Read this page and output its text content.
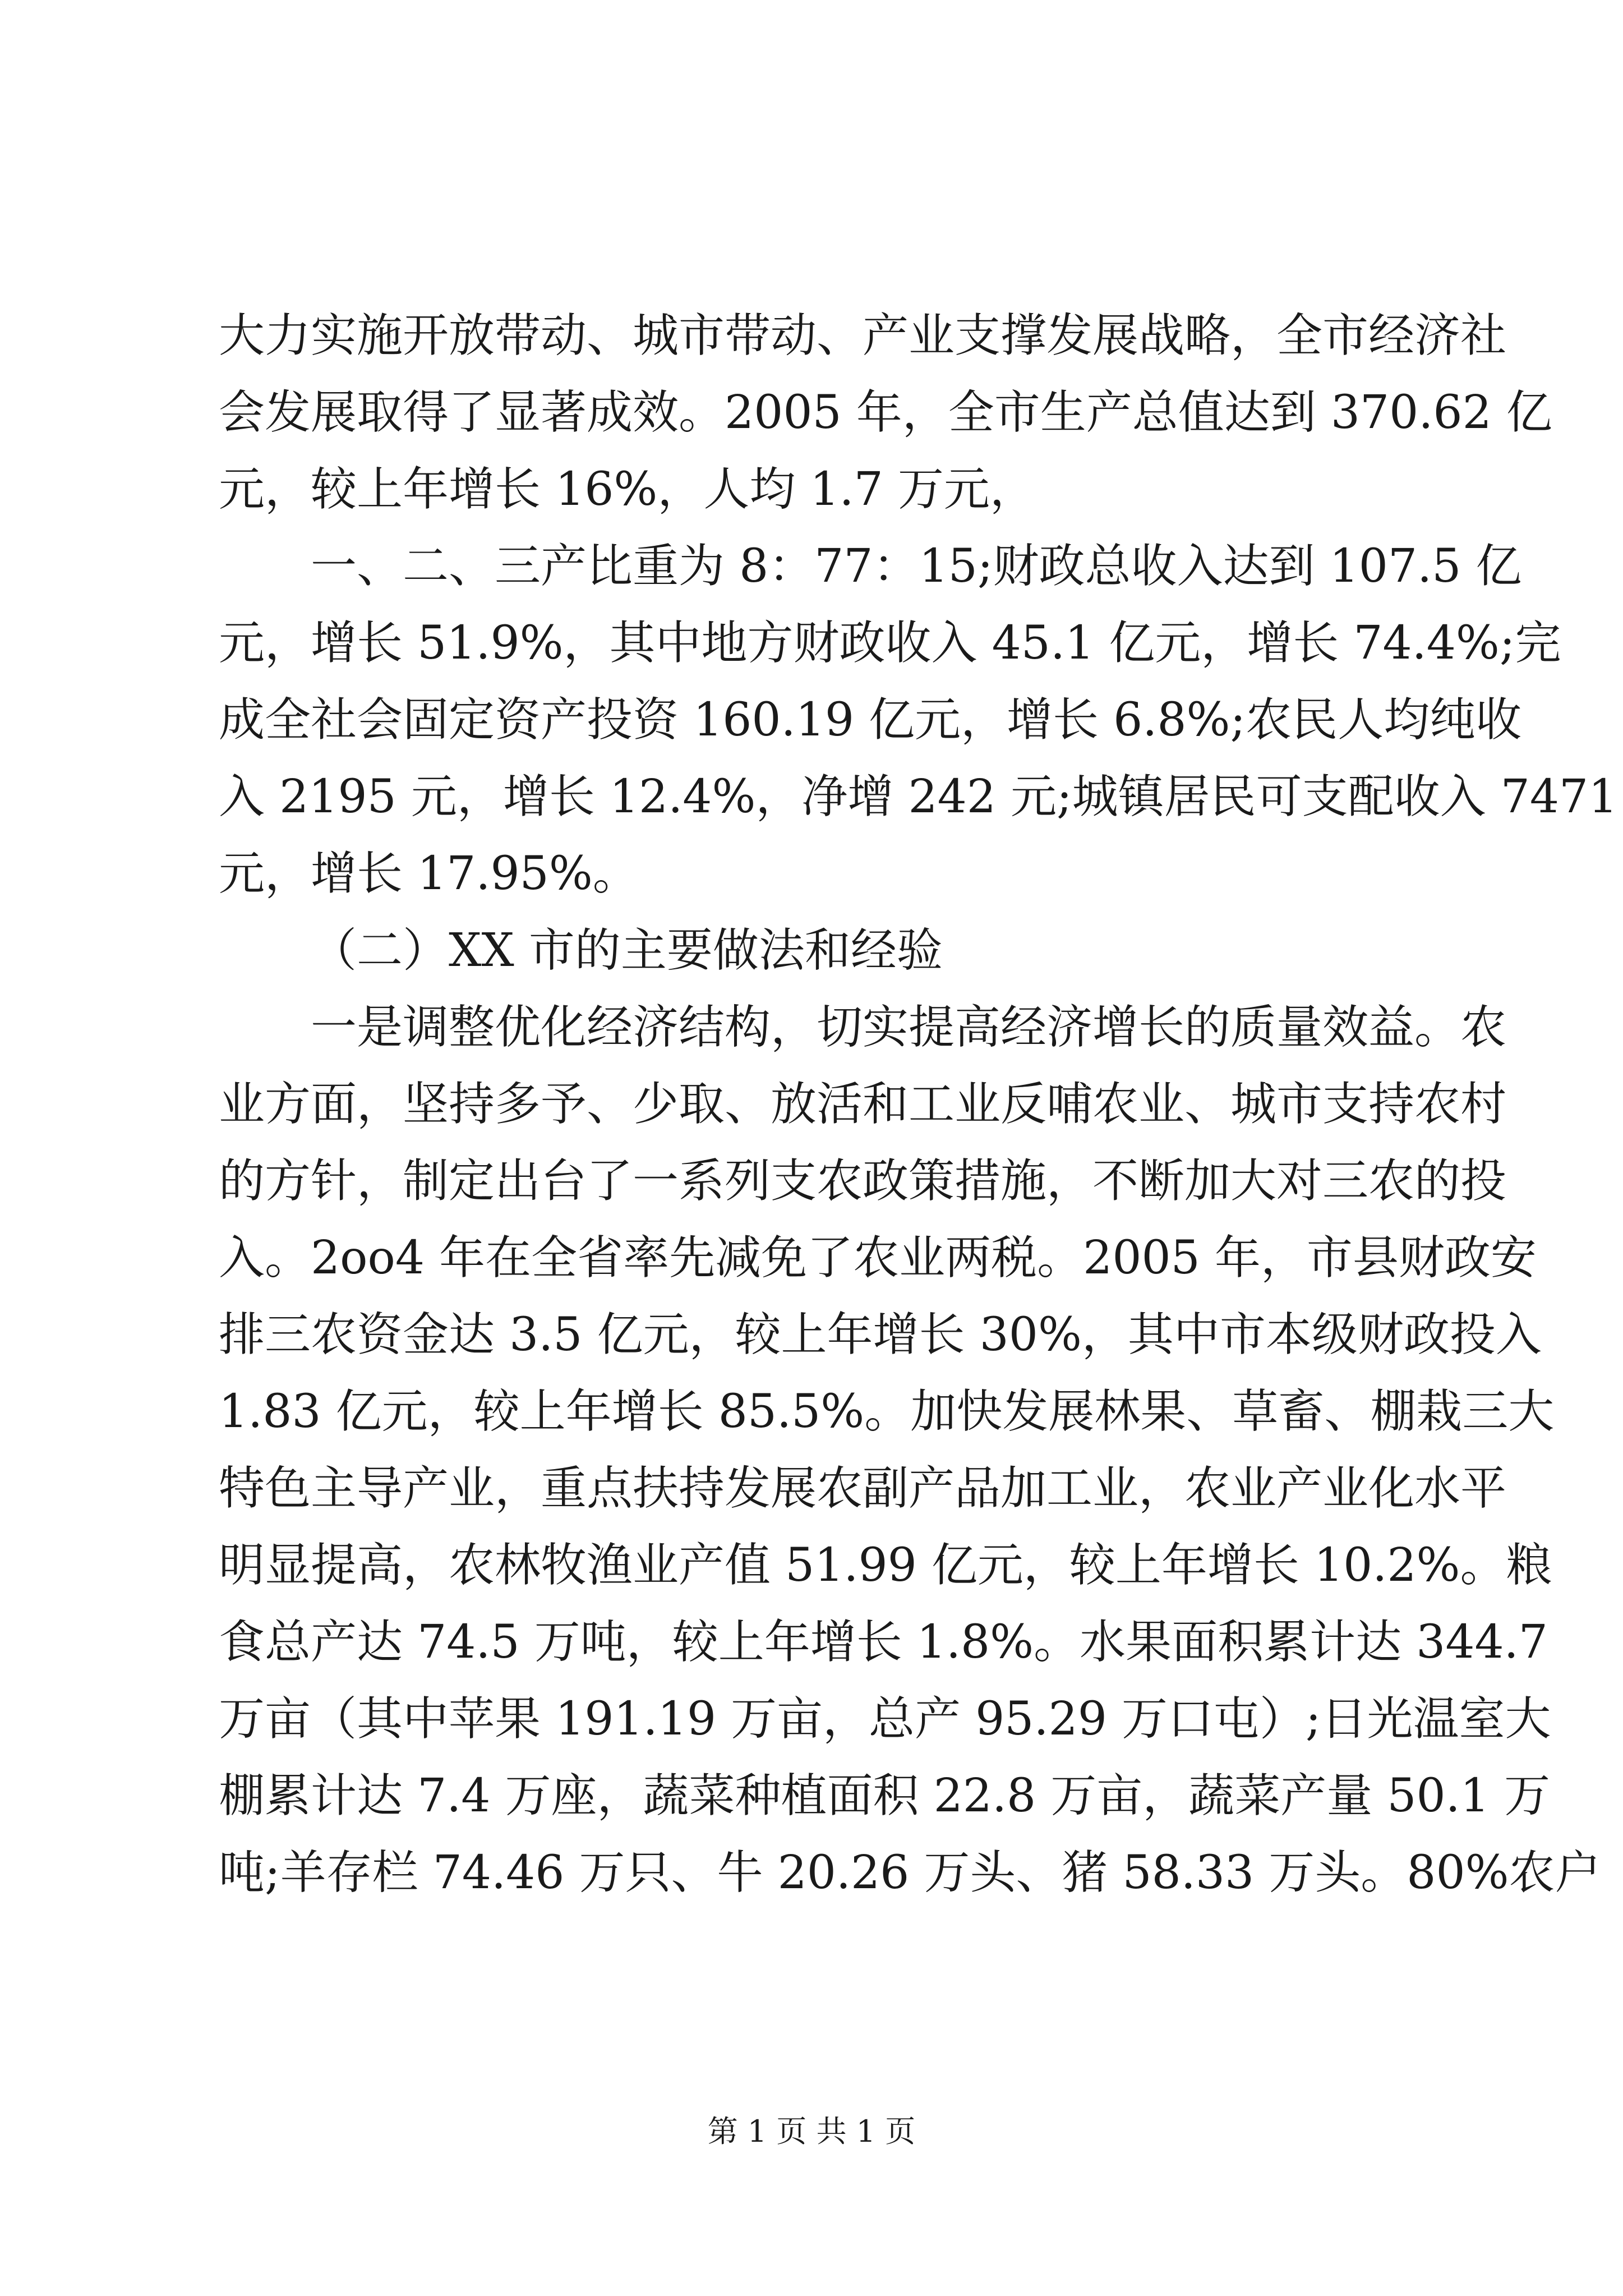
大力实施开放带动、城市带动、产业支撑发展战略，全市经济社
会发展取得了显著成效。2005 年，全市生产总值达到 370.62 亿
元，较上年增长 16%，人均 1.7 万元，
一、二、三产比重为 8：77：15;财政总收入达到 107.5 亿
元，增长 51.9%，其中地方财政收入 45.1 亿元，增长 74.4%;完
成全社会固定资产投资 160.19 亿元，增长 6.8%;农民人均纯收
入 2195 元，增长 12.4%，净增 242 元;城镇居民可支配收入 7471
元，增长 17.95%。
（二）XX 市的主要做法和经验
一是调整优化经济结构，切实提高经济增长的质量效益。农
业方面，坚持多予、少取、放活和工业反哺农业、城市支持农村
的方针，制定出台了一系列支农政策措施，不断加大对三农的投
入。2oo4 年在全省率先减免了农业两税。2005 年，市县财政安
排三农资金达 3.5 亿元，较上年增长 30%，其中市本级财政投入
1.83 亿元，较上年增长 85.5%。加快发展林果、草畜、棚栽三大
特色主导产业，重点扶持发展农副产品加工业，农业产业化水平
明显提高，农林牧渔业产值 51.99 亿元，较上年增长 10.2%。粮
食总产达 74.5 万吨，较上年增长 1.8%。水果面积累计达 344.7
万亩（其中苹果 191.19 万亩，总产 95.29 万口屯）;日光温室大
棚累计达 7.4 万座，蔬菜种植面积 22.8 万亩，蔬菜产量 50.1 万
吨;羊存栏 74.46 万只、牛 20.26 万头、猪 58.33 万头。80%农户
第 1 页 共 1 页
